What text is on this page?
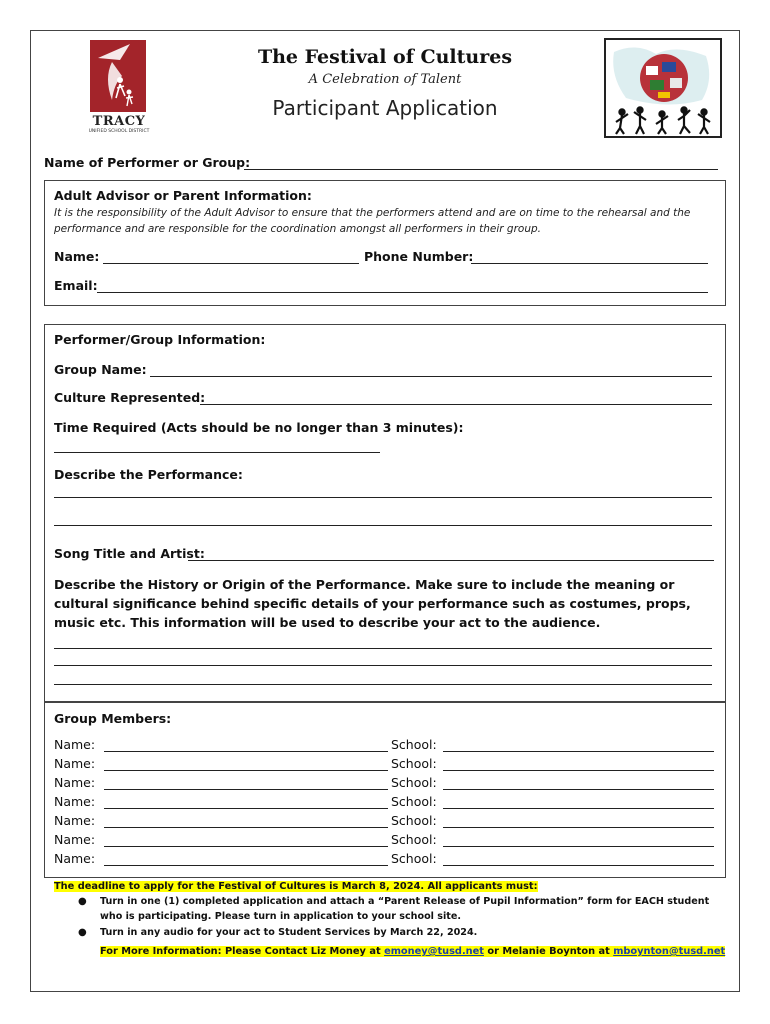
TRACY
UNIFIED SCHOOL DISTRICT
The Festival of Cultures
A Celebration of Talent
Participant Application
Name of Performer or Group:
Adult Advisor or Parent Information:
It is the responsibility of the Adult Advisor to ensure that the performers attend and are on time to the rehearsal and the performance and are responsible for the coordination amongst all performers in their group.
Name:	Phone Number:
Email:
Performer/Group Information:
Group Name:
Culture Represented:
Time Required (Acts should be no longer than 3 minutes):
Describe the Performance:
Song Title and Artist:
Describe the History or Origin of the Performance. Make sure to include the meaning or cultural significance behind specific details of your performance such as costumes, props, music etc. This information will be used to describe your act to the audience.
Group Members:
Name:	School:
Name:	School:
Name:	School:
Name:	School:
Name:	School:
Name:	School:
Name:	School:
The deadline to apply for the Festival of Cultures is March 8, 2024. All applicants must:
● Turn in one (1) completed application and attach a “Parent Release of Pupil Information” form for EACH student who is participating. Please turn in application to your school site.
● Turn in any audio for your act to Student Services by March 22, 2024.
For More Information: Please Contact Liz Money at emoney@tusd.net or Melanie Boynton at mboynton@tusd.net
